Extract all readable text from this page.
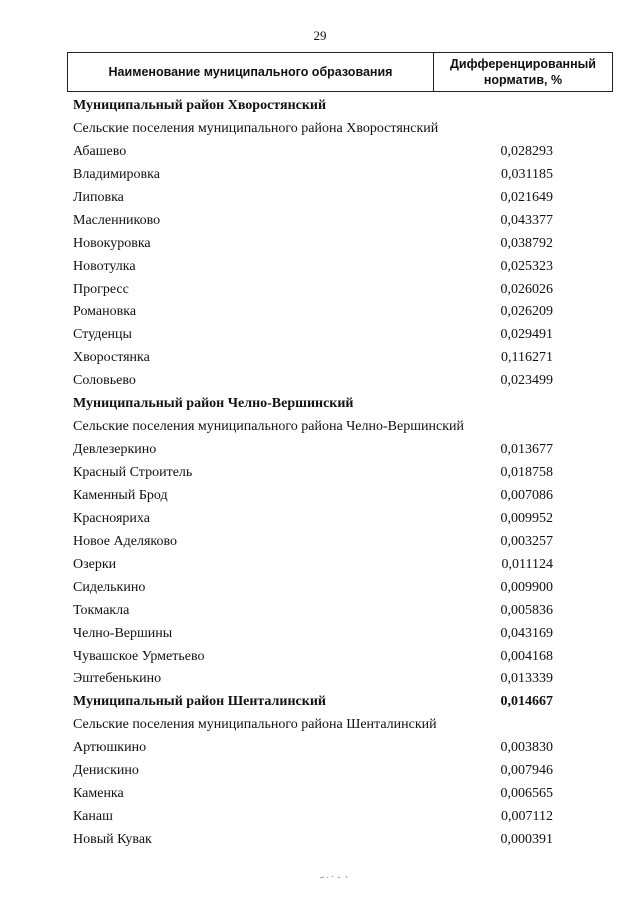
29
Наименование муниципального образования
Дифференцированный
норматив, %
Муниципальный район Хворостянский
Сельские поселения муниципального района Хворостянский
Абашево	0,028293
Владимировка	0,031185
Липовка	0,021649
Масленниково	0,043377
Новокуровка	0,038792
Новотулка	0,025323
Прогресс	0,026026
Романовка	0,026209
Студенцы	0,029491
Хворостянка	0,116271
Соловьево	0,023499
Муниципальный район Челно-Вершинский
Сельские поселения муниципального района Челно-Вершинский
Девлезеркино	0,013677
Красный Строитель	0,018758
Каменный Брод	0,007086
Краснояриха	0,009952
Новое Аделяково	0,003257
Озерки	0,011124
Сиделькино	0,009900
Токмакла	0,005836
Челно-Вершины	0,043169
Чувашское Урметьево	0,004168
Эштебенькино	0,013339
Муниципальный район Шенталинский	0,014667
Сельские поселения муниципального района Шенталинский
Артюшкино	0,003830
Денискино	0,007946
Каменка	0,006565
Канаш	0,007112
Новый Кувак	0,000391
